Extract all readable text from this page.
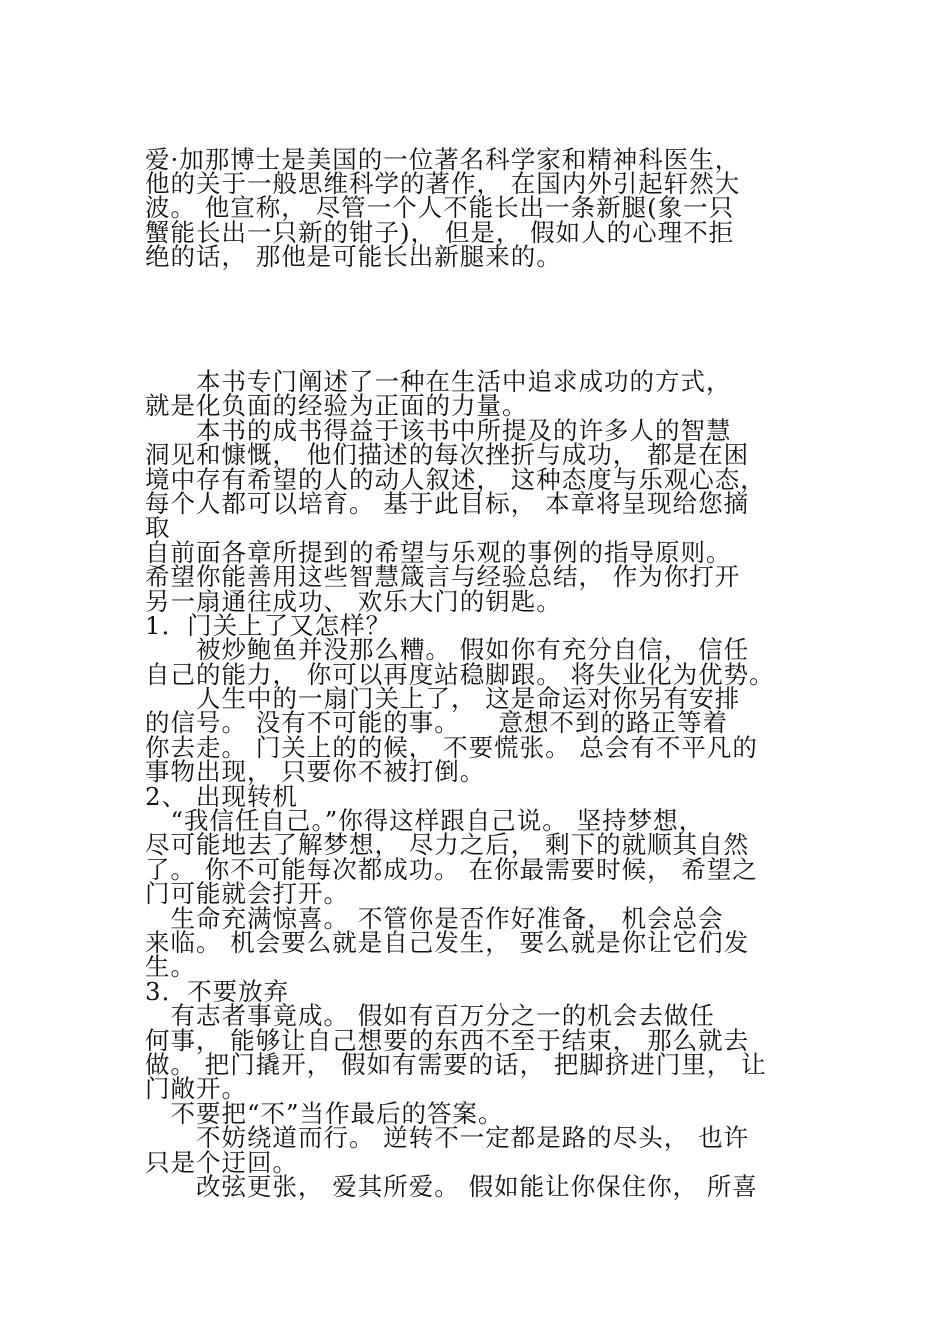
爱·加那博士是美国的一位著名科学家和精神科医生，
他的关于一般思维科学的著作， 在国内外引起轩然大
波。 他宣称， 尽管一个人不能长出一条新腿(象一只
蟹能长出一只新的钳子)， 但是， 假如人的心理不拒
绝的话， 那他是可能长出新腿来的。
　　本书专门阐述了一种在生活中追求成功的方式，
就是化负面的经验为正面的力量。
　　本书的成书得益于该书中所提及的许多人的智慧
洞见和慷慨， 他们描述的每次挫折与成功， 都是在困
境中存有希望的人的动人叙述， 这种态度与乐观心态，
每个人都可以培育。 基于此目标， 本章将呈现给您摘
取
自前面各章所提到的希望与乐观的事例的指导原则。
希望你能善用这些智慧箴言与经验总结， 作为你打开
另一扇通往成功、 欢乐大门的钥匙。
1．门关上了又怎样？
　　被炒鲍鱼并没那么糟。 假如你有充分自信， 信任
自己的能力， 你可以再度站稳脚跟。 将失业化为优势。
　　人生中的一扇门关上了， 这是命运对你另有安排
的信号。 没有不可能的事。　　意想不到的路正等着
你去走。 门关上的的候， 不要慌张。 总会有不平凡的
事物出现， 只要你不被打倒。
2、 出现转机
　“我信任自己。”你得这样跟自己说。 坚持梦想，
尽可能地去了解梦想， 尽力之后， 剩下的就顺其自然
了。 你不可能每次都成功。 在你最需要时候， 希望之
门可能就会打开。
　生命充满惊喜。 不管你是否作好准备， 机会总会
来临。 机会要么就是自己发生， 要么就是你让它们发
生。
3．不要放弃
　有志者事竟成。 假如有百万分之一的机会去做任
何事， 能够让自己想要的东西不至于结束， 那么就去
做。 把门撬开， 假如有需要的话， 把脚挤进门里， 让
门敞开。
　不要把“不”当作最后的答案。
　　不妨绕道而行。 逆转不一定都是路的尽头， 也许
只是个迂回。
　　改弦更张， 爱其所爱。 假如能让你保住你， 所喜
